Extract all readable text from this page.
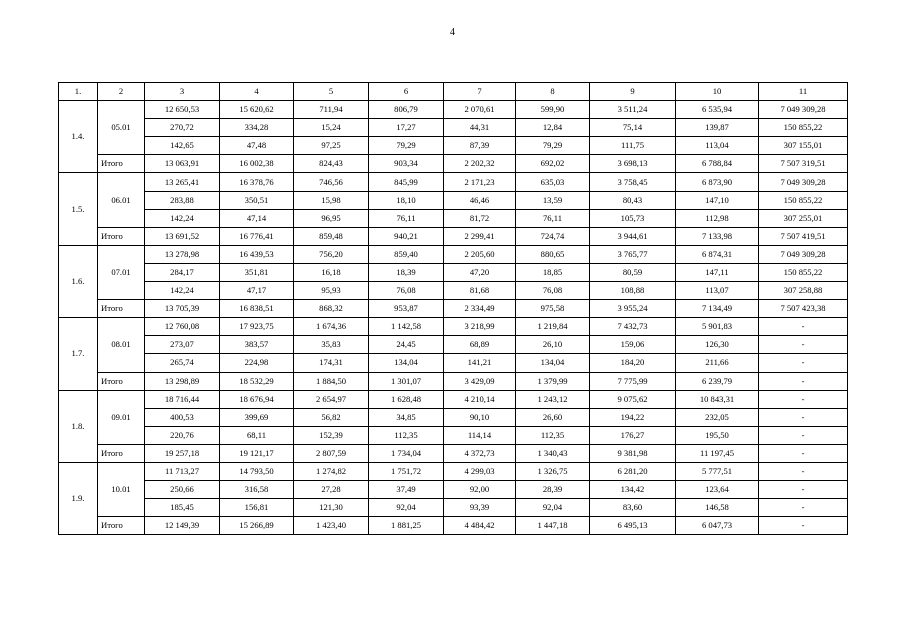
4
1.	2	3	4	5	6	7	8	9	10	11
1.4.	05.01	12 650,53	15 620,62	711,94	806,79	2 070,61	599,90	3 511,24	6 535,94	7 049 309,28
		270,72	334,28	15,24	17,27	44,31	12,84	75,14	139,87	150 855,22
		142,65	47,48	97,25	79,29	87,39	79,29	111,75	113,04	307 155,01
	Итого	13 063,91	16 002,38	824,43	903,34	2 202,32	692,02	3 698,13	6 788,84	7 507 319,51
1.5.	06.01	13 265,41	16 378,76	746,56	845,99	2 171,23	635,03	3 758,45	6 873,90	7 049 309,28
		283,88	350,51	15,98	18,10	46,46	13,59	80,43	147,10	150 855,22
		142,24	47,14	96,95	76,11	81,72	76,11	105,73	112,98	307 255,01
	Итого	13 691,52	16 776,41	859,48	940,21	2 299,41	724,74	3 944,61	7 133,98	7 507 419,51
1.6.	07.01	13 278,98	16 439,53	756,20	859,40	2 205,60	880,65	3 765,77	6 874,31	7 049 309,28
		284,17	351,81	16,18	18,39	47,20	18,85	80,59	147,11	150 855,22
		142,24	47,17	95,93	76,08	81,68	76,08	108,88	113,07	307 258,88
	Итого	13 705,39	16 838,51	868,32	953,87	2 334,49	975,58	3 955,24	7 134,49	7 507 423,38
1.7.	08.01	12 760,08	17 923,75	1 674,36	1 142,58	3 218,99	1 219,84	7 432,73	5 901,83	-
		273,07	383,57	35,83	24,45	68,89	26,10	159,06	126,30	-
		265,74	224,98	174,31	134,04	141,21	134,04	184,20	211,66	-
	Итого	13 298,89	18 532,29	1 884,50	1 301,07	3 429,09	1 379,99	7 775,99	6 239,79	-
1.8.	09.01	18 716,44	18 676,94	2 654,97	1 628,48	4 210,14	1 243,12	9 075,62	10 843,31	-
		400,53	399,69	56,82	34,85	90,10	26,60	194,22	232,05	-
		220,76	68,11	152,39	112,35	114,14	112,35	176,27	195,50	-
	Итого	19 257,18	19 121,17	2 807,59	1 734,04	4 372,73	1 340,43	9 381,98	11 197,45	-
1.9.	10.01	11 713,27	14 793,50	1 274,82	1 751,72	4 299,03	1 326,75	6 281,20	5 777,51	-
		250,66	316,58	27,28	37,49	92,00	28,39	134,42	123,64	-
		185,45	156,81	121,30	92,04	93,39	92,04	83,60	146,58	-
	Итого	12 149,39	15 266,89	1 423,40	1 881,25	4 484,42	1 447,18	6 495,13	6 047,73	-
